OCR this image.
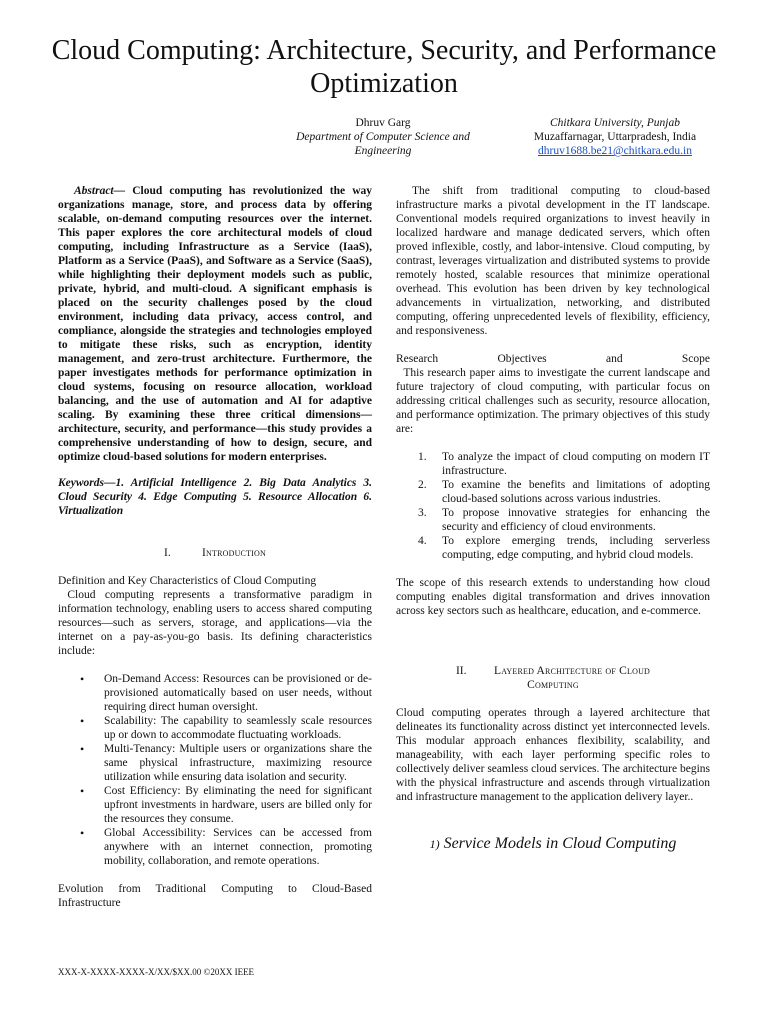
Cloud Computing: Architecture, Security, and Performance Optimization
Dhruv Garg
Department of Computer Science and Engineering
Chitkara University, Punjab
Muzaffarnagar, Uttarpradesh, India
dhruv1688.be21@chitkara.edu.in

Abstract— Cloud computing has revolutionized the way organizations manage, store, and process data by offering scalable, on-demand computing resources over the internet. This paper explores the core architectural models of cloud computing, including Infrastructure as a Service (IaaS), Platform as a Service (PaaS), and Software as a Service (SaaS), while highlighting their deployment models such as public, private, hybrid, and multi-cloud. A significant emphasis is placed on the security challenges posed by the cloud environment, including data privacy, access control, and compliance, alongside the strategies and technologies employed to mitigate these risks, such as encryption, identity management, and zero-trust architecture. Furthermore, the paper investigates methods for performance optimization in cloud systems, focusing on resource allocation, workload balancing, and the use of automation and AI for adaptive scaling. By examining these three critical dimensions—architecture, security, and performance—this study provides a comprehensive understanding of how to design, secure, and optimize cloud-based solutions for modern enterprises.

Keywords—1. Artificial Intelligence 2. Big Data Analytics 3. Cloud Security 4. Edge Computing 5. Resource Allocation 6. Virtualization

I.	Introduction

Definition and Key Characteristics of Cloud Computing

Cloud computing represents a transformative paradigm in information technology, enabling users to access shared computing resources—such as servers, storage, and applications—via the internet on a pay-as-you-go basis. Its defining characteristics include:

• On-Demand Access: Resources can be provisioned or de-provisioned automatically based on user needs, without requiring direct human oversight.
• Scalability: The capability to seamlessly scale resources up or down to accommodate fluctuating workloads.
• Multi-Tenancy: Multiple users or organizations share the same physical infrastructure, maximizing resource utilization while ensuring data isolation and security.
• Cost Efficiency: By eliminating the need for significant upfront investments in hardware, users are billed only for the resources they consume.
• Global Accessibility: Services can be accessed from anywhere with an internet connection, promoting mobility, collaboration, and remote operations.

Evolution from Traditional Computing to Cloud-Based Infrastructure

The shift from traditional computing to cloud-based infrastructure marks a pivotal development in the IT landscape. Conventional models required organizations to invest heavily in localized hardware and manage dedicated servers, which often proved inflexible, costly, and labor-intensive. Cloud computing, by contrast, leverages virtualization and distributed systems to provide remotely hosted, scalable resources that minimize operational overhead. This evolution has been driven by key technological advancements in virtualization, networking, and distributed computing, offering unprecedented levels of flexibility, efficiency, and responsiveness.

Research	Objectives	and	Scope

This research paper aims to investigate the current landscape and future trajectory of cloud computing, with particular focus on addressing critical challenges such as security, resource allocation, and performance optimization. The primary objectives of this study are:

1. To analyze the impact of cloud computing on modern IT infrastructure.
2. To examine the benefits and limitations of adopting cloud-based solutions across various industries.
3. To propose innovative strategies for enhancing the security and efficiency of cloud environments.
4. To explore emerging trends, including serverless computing, edge computing, and hybrid cloud models.

The scope of this research extends to understanding how cloud computing enables digital transformation and drives innovation across key sectors such as healthcare, education, and e-commerce.

II. Layered Architecture of Cloud
Computing

Cloud computing operates through a layered architecture that delineates its functionality across distinct yet interconnected levels. This modular approach enhances flexibility, scalability, and manageability, with each layer performing specific roles to collectively deliver seamless cloud services. The architecture begins with the physical infrastructure and ascends through virtualization and infrastructure management to the application delivery layer..

1) Service Models in Cloud Computing
XXX-X-XXXX-XXXX-X/XX/$XX.00 ©20XX IEEE
